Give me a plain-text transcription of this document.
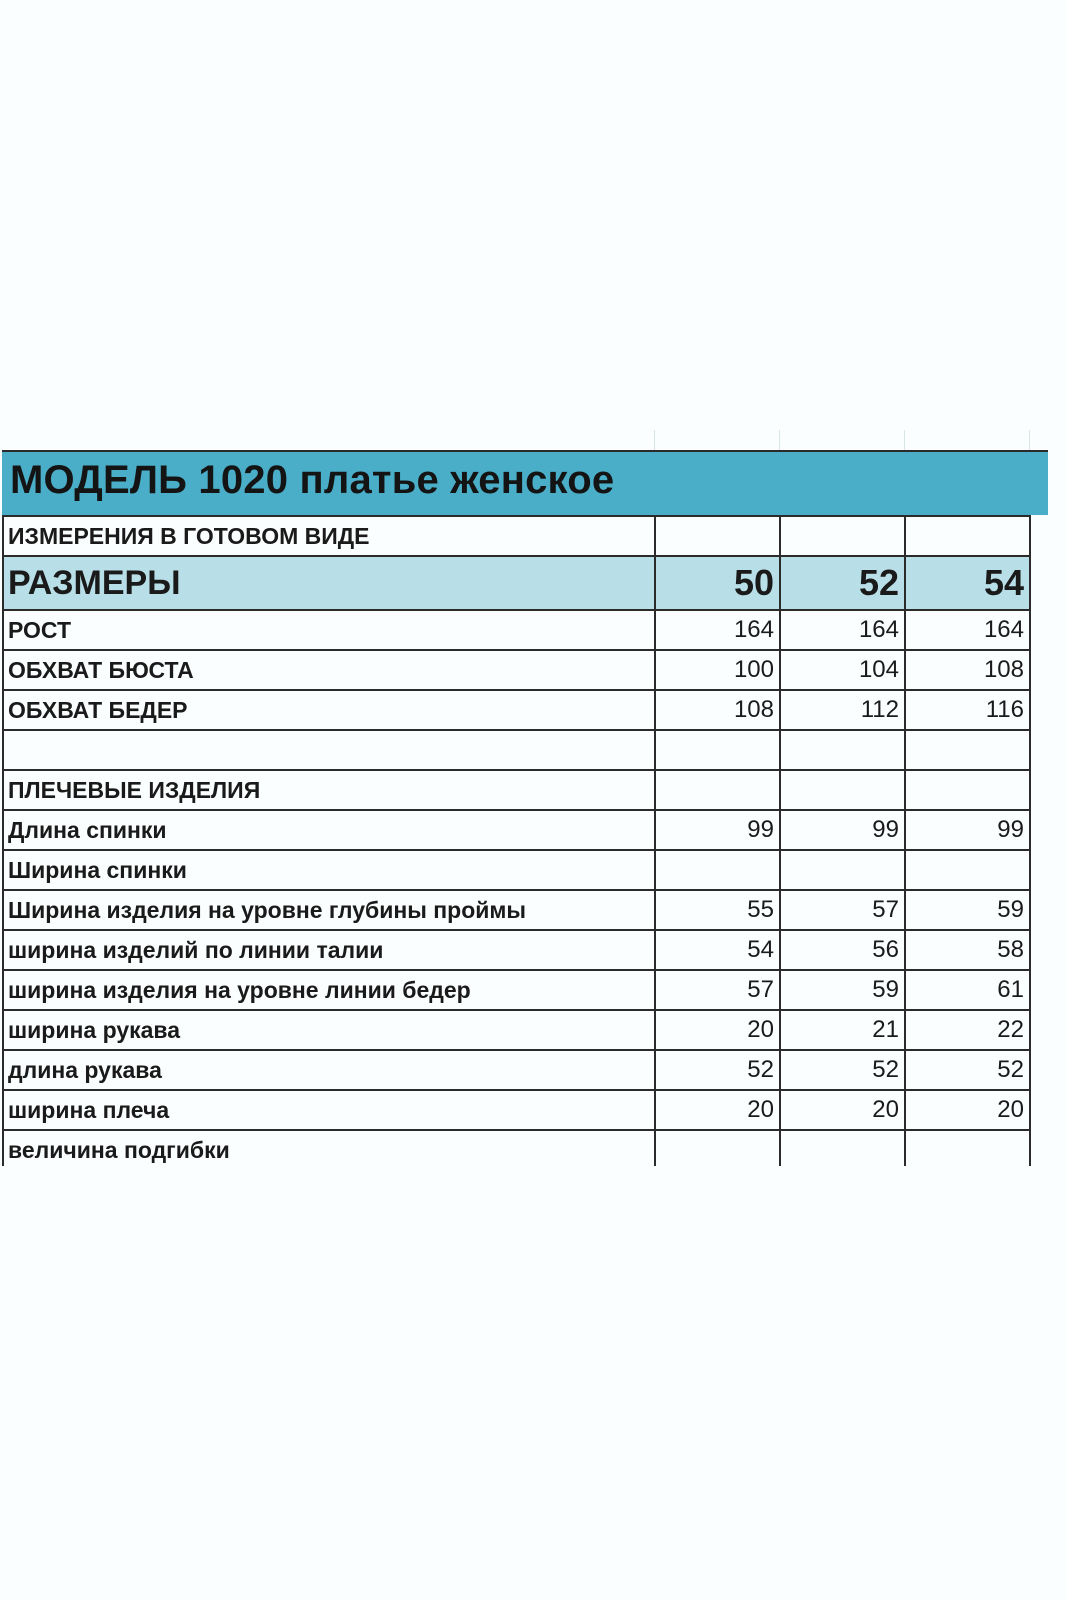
МОДЕЛЬ 1020 платье женское
ИЗМЕРЕНИЯ В ГОТОВОМ ВИДЕ			
РАЗМЕРЫ	50	52	54
РОСТ	164	164	164
ОБХВАТ БЮСТА	100	104	108
ОБХВАТ БЕДЕР	108	112	116

ПЛЕЧЕВЫЕ ИЗДЕЛИЯ			
Длина спинки	99	99	99
Ширина спинки			
Ширина изделия на уровне глубины проймы	55	57	59
ширина изделий по линии талии	54	56	58
ширина изделия на уровне линии бедер	57	59	61
ширина рукава	20	21	22
длина рукава	52	52	52
ширина плеча	20	20	20
величина подгибки			
